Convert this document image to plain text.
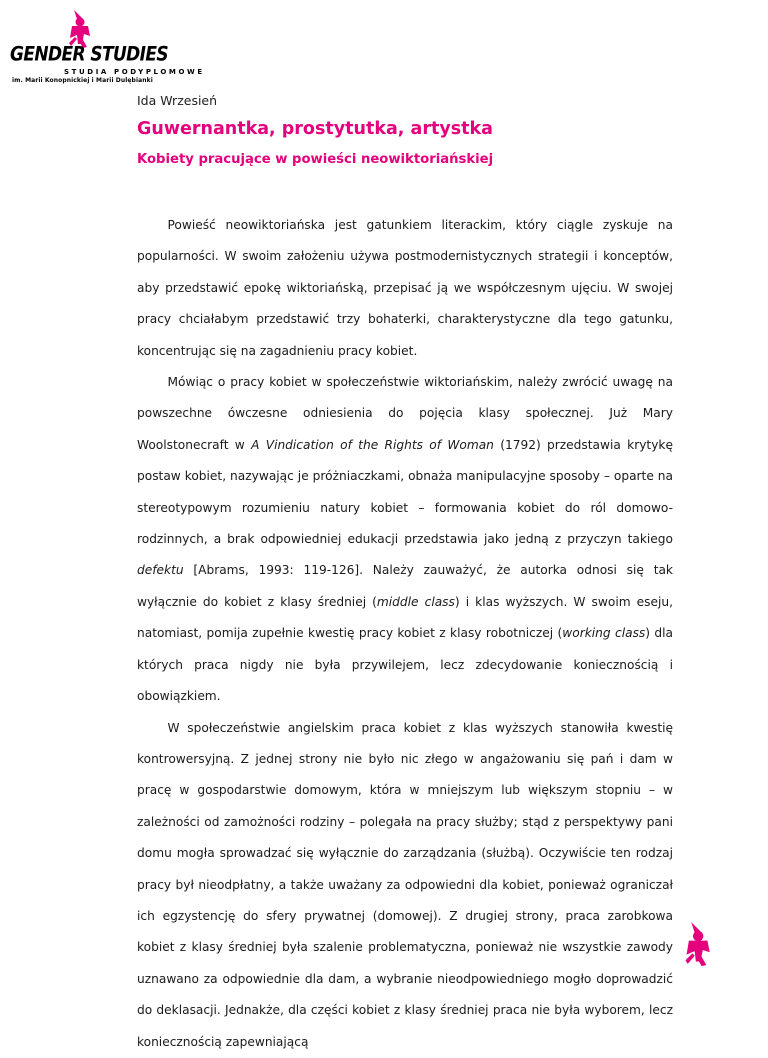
GENDER STUDIES
STUDIA PODYPLOMOWE
im. Marii Konopnickiej i Marii Dulębianki
Ida Wrzesień
Guwernantka, prostytutka, artystka
Kobiety pracujące w powieści neowiktoriańskiej

Powieść neowiktoriańska jest gatunkiem literackim, który ciągle zyskuje na popularności. W swoim założeniu używa postmodernistycznych strategii i konceptów, aby przedstawić epokę wiktoriańską, przepisać ją we współczesnym ujęciu. W swojej pracy chciałabym przedstawić trzy bohaterki, charakterystyczne dla tego gatunku, koncentrując się na zagadnieniu pracy kobiet.

Mówiąc o pracy kobiet w społeczeństwie wiktoriańskim, należy zwrócić uwagę na powszechne ówczesne odniesienia do pojęcia klasy społecznej. Już Mary Woolstonecraft w A Vindication of the Rights of Woman (1792) przedstawia krytykę postaw kobiet, nazywając je próżniaczkami, obnaża manipulacyjne sposoby – oparte na stereotypowym rozumieniu natury kobiet – formowania kobiet do ról domowo-rodzinnych, a brak odpowiedniej edukacji przedstawia jako jedną z przyczyn takiego defektu [Abrams, 1993: 119-126]. Należy zauważyć, że autorka odnosi się tak wyłącznie do kobiet z klasy średniej (middle class) i klas wyższych. W swoim eseju, natomiast, pomija zupełnie kwestię pracy kobiet z klasy robotniczej (working class) dla których praca nigdy nie była przywilejem, lecz zdecydowanie koniecznością i obowiązkiem.

W społeczeństwie angielskim praca kobiet z klas wyższych stanowiła kwestię kontrowersyjną. Z jednej strony nie było nic złego w angażowaniu się pań i dam w pracę w gospodarstwie domowym, która w mniejszym lub większym stopniu – w zależności od zamożności rodziny – polegała na pracy służby; stąd z perspektywy pani domu mogła sprowadzać się wyłącznie do zarządzania (służbą). Oczywiście ten rodzaj pracy był nieodpłatny, a także uważany za odpowiedni dla kobiet, ponieważ ograniczał ich egzystencję do sfery prywatnej (domowej). Z drugiej strony, praca zarobkowa kobiet z klasy średniej była szalenie problematyczna, ponieważ nie wszystkie zawody uznawano za odpowiednie dla dam, a wybranie nieodpowiedniego mogło doprowadzić do deklasacji. Jednakże, dla części kobiet z klasy średniej praca nie była wyborem, lecz koniecznością zapewniającą
